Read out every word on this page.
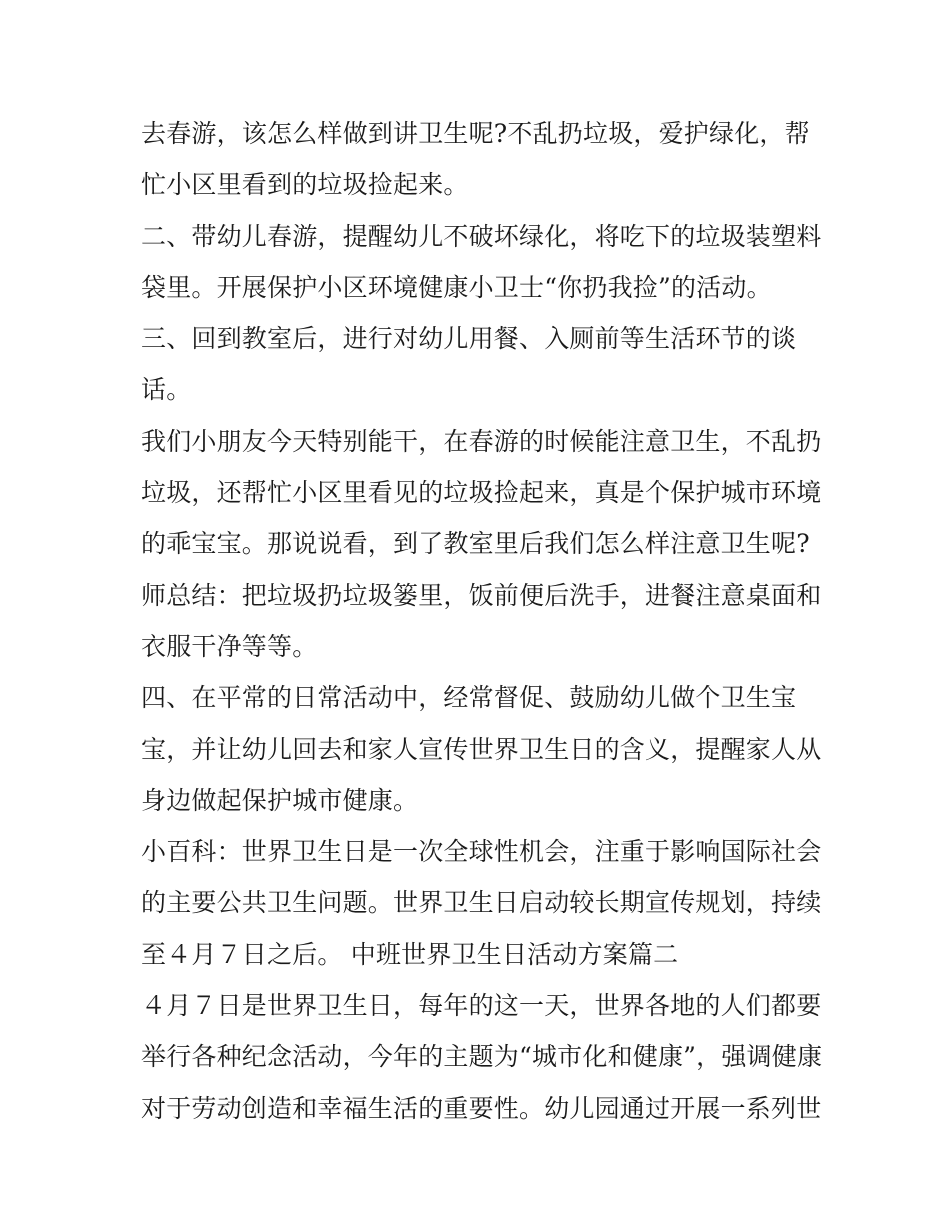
去春游，该怎么样做到讲卫生呢?不乱扔垃圾，爱护绿化，帮
忙小区里看到的垃圾捡起来。
二、带幼儿春游，提醒幼儿不破坏绿化，将吃下的垃圾装塑料
袋里。开展保护小区环境健康小卫士“你扔我捡”的活动。
三、回到教室后，进行对幼儿用餐、入厕前等生活环节的谈
话。
我们小朋友今天特别能干，在春游的时候能注意卫生，不乱扔
垃圾，还帮忙小区里看见的垃圾捡起来，真是个保护城市环境
的乖宝宝。那说说看，到了教室里后我们怎么样注意卫生呢?
师总结：把垃圾扔垃圾篓里，饭前便后洗手，进餐注意桌面和
衣服干净等等。
四、在平常的日常活动中，经常督促、鼓励幼儿做个卫生宝
宝，并让幼儿回去和家人宣传世界卫生日的含义，提醒家人从
身边做起保护城市健康。
小百科：世界卫生日是一次全球性机会，注重于影响国际社会
的主要公共卫生问题。世界卫生日启动较长期宣传规划，持续
至４月７日之后。 中班世界卫生日活动方案篇二
４月７日是世界卫生日，每年的这一天，世界各地的人们都要
举行各种纪念活动，今年的主题为“城市化和健康”，强调健康
对于劳动创造和幸福生活的重要性。幼儿园通过开展一系列世
